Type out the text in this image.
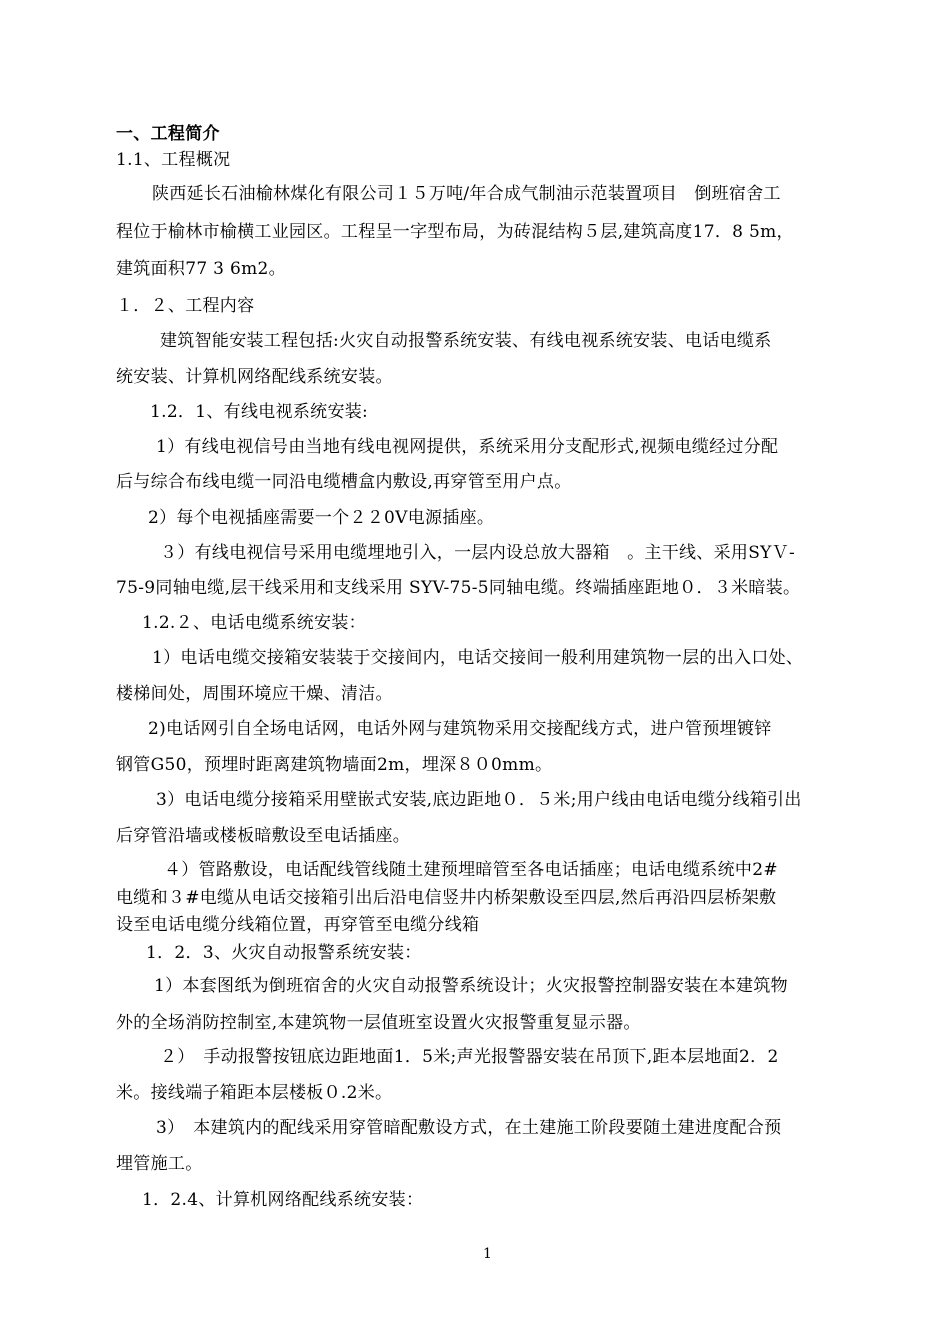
一、工程简介
1.1、工程概况
陕西延长石油榆林煤化有限公司１５万吨/年合成气制油示范装置项目　倒班宿舍工
程位于榆林市榆横工业园区。工程呈一字型布局，为砖混结构５层,建筑高度17．8 5m，
建筑面积77 3 6m2。
１．２、工程内容
建筑智能安装工程包括:火灾自动报警系统安装、有线电视系统安装、电话电缆系
统安装、计算机网络配线系统安装。
1.2．1、有线电视系统安装:
1）有线电视信号由当地有线电视网提供，系统采用分支配形式,视频电缆经过分配
后与综合布线电缆一同沿电缆槽盒内敷设,再穿管至用户点。
2）每个电视插座需要一个２２0V电源插座。
３）有线电视信号采用电缆埋地引入，一层内设总放大器箱　。主干线、采用SYＶ-
75-9同轴电缆,层干线采用和支线采用 SYV-75-5同轴电缆。终端插座距地０．３米暗装。
1.2.２、电话电缆系统安装：
1）电话电缆交接箱安装装于交接间内，电话交接间一般利用建筑物一层的出入口处、
楼梯间处，周围环境应干燥、清洁。
2)电话网引自全场电话网，电话外网与建筑物采用交接配线方式，进户管预埋镀锌
钢管G50，预埋时距离建筑物墙面2m，埋深８０0mm。
3）电话电缆分接箱采用壁嵌式安装,底边距地０．５米;用户线由电话电缆分线箱引出
后穿管沿墙或楼板暗敷设至电话插座。
４）管路敷设，电话配线管线随土建预埋暗管至各电话插座；电话电缆系统中2#
电缆和３#电缆从电话交接箱引出后沿电信竖井内桥架敷设至四层,然后再沿四层桥架敷
设至电话电缆分线箱位置，再穿管至电缆分线箱
1．2．3、火灾自动报警系统安装：
1）本套图纸为倒班宿舍的火灾自动报警系统设计；火灾报警控制器安装在本建筑物
外的全场消防控制室,本建筑物一层值班室设置火灾报警重复显示器。
２）　手动报警按钮底边距地面1．5米;声光报警器安装在吊顶下,距本层地面2．2
米。接线端子箱距本层楼板０.2米。
3）　本建筑内的配线采用穿管暗配敷设方式，在土建施工阶段要随土建进度配合预
埋管施工。
1．2.4、计算机网络配线系统安装：
1
